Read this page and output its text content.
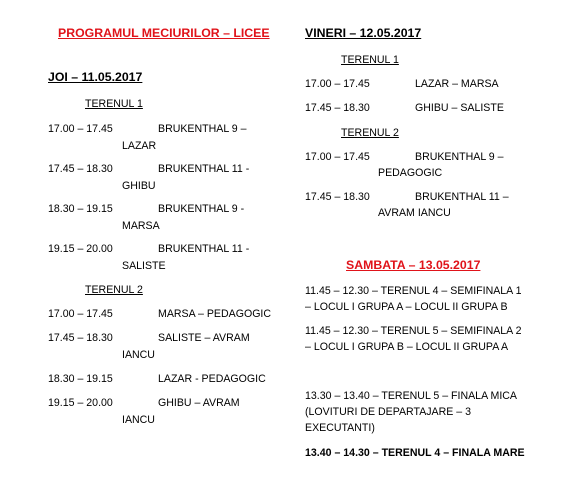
PROGRAMUL MECIURILOR – LICEE
JOI – 11.05.2017
TERENUL 1
17.00 – 17.45	BRUKENTHAL 9 –
LAZAR
17.45 – 18.30	BRUKENTHAL 11 -
GHIBU
18.30 – 19.15	BRUKENTHAL 9 -
MARSA
19.15 – 20.00	BRUKENTHAL 11 -
SALISTE
TERENUL 2
17.00 – 17.45	MARSA – PEDAGOGIC
17.45 – 18.30	SALISTE – AVRAM
IANCU
18.30 – 19.15	LAZAR - PEDAGOGIC
19.15 – 20.00	GHIBU – AVRAM
IANCU
VINERI – 12.05.2017
TERENUL 1
17.00 – 17.45	LAZAR – MARSA
17.45 – 18.30	GHIBU – SALISTE
TERENUL 2
17.00 – 17.45	BRUKENTHAL 9 –
PEDAGOGIC
17.45 – 18.30	BRUKENTHAL 11 –
AVRAM IANCU
SAMBATA – 13.05.2017
11.45 – 12.30 – TERENUL 4 – SEMIFINALA 1
– LOCUL I GRUPA A – LOCUL II GRUPA B
11.45 – 12.30 – TERENUL 5 – SEMIFINALA 2
– LOCUL I GRUPA B – LOCUL II GRUPA A
13.30 – 13.40 – TERENUL 5 – FINALA MICA
(LOVITURI DE DEPARTAJARE – 3
EXECUTANTI)
13.40 – 14.30 – TERENUL 4 – FINALA MARE
